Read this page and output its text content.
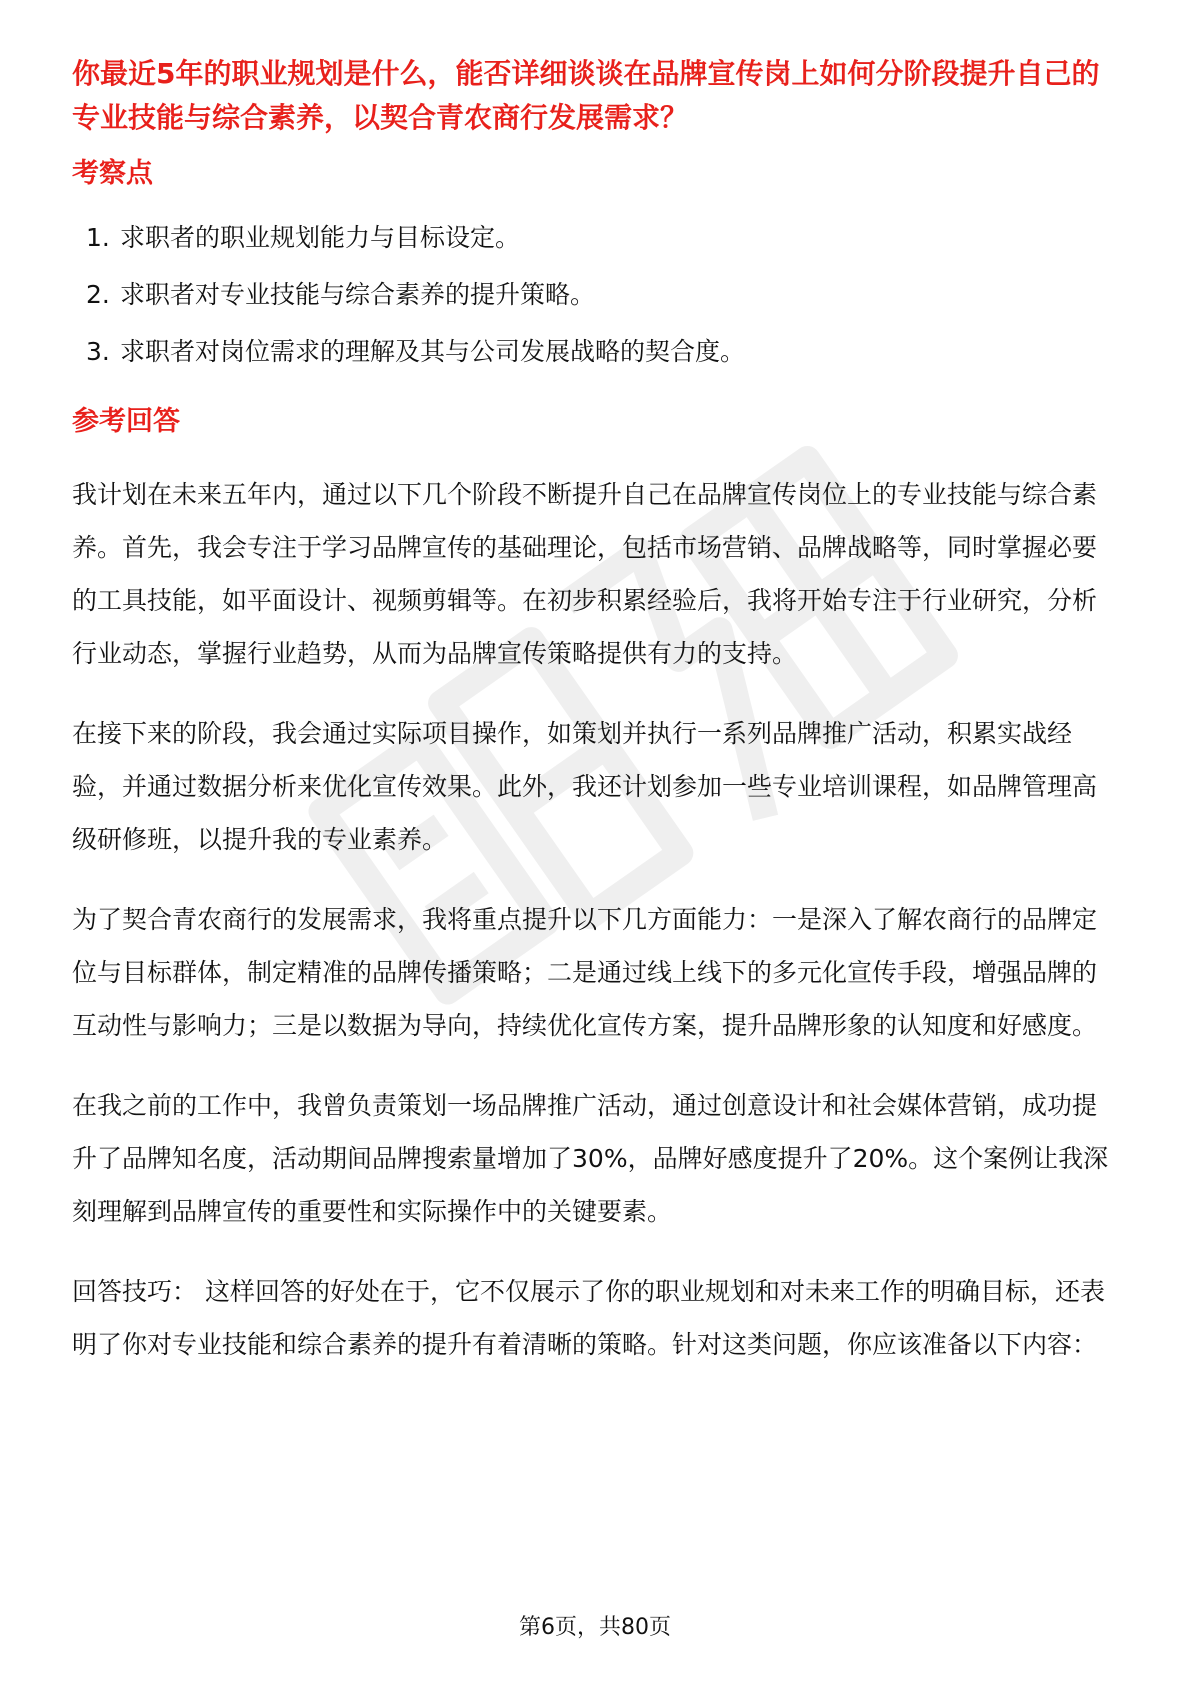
你最近5年的职业规划是什么，能否详细谈谈在品牌宣传岗上如何分阶段提升自己的专业技能与综合素养，以契合青农商行发展需求？

考察点

1. 求职者的职业规划能力与目标设定。
2. 求职者对专业技能与综合素养的提升策略。
3. 求职者对岗位需求的理解及其与公司发展战略的契合度。

参考回答

我计划在未来五年内，通过以下几个阶段不断提升自己在品牌宣传岗位上的专业技能与综合素养。首先，我会专注于学习品牌宣传的基础理论，包括市场营销、品牌战略等，同时掌握必要的工具技能，如平面设计、视频剪辑等。在初步积累经验后，我将开始专注于行业研究，分析行业动态，掌握行业趋势，从而为品牌宣传策略提供有力的支持。

在接下来的阶段，我会通过实际项目操作，如策划并执行一系列品牌推广活动，积累实战经验，并通过数据分析来优化宣传效果。此外，我还计划参加一些专业培训课程，如品牌管理高级研修班，以提升我的专业素养。

为了契合青农商行的发展需求，我将重点提升以下几方面能力：一是深入了解农商行的品牌定位与目标群体，制定精准的品牌传播策略；二是通过线上线下的多元化宣传手段，增强品牌的互动性与影响力；三是以数据为导向，持续优化宣传方案，提升品牌形象的认知度和好感度。

在我之前的工作中，我曾负责策划一场品牌推广活动，通过创意设计和社会媒体营销，成功提升了品牌知名度，活动期间品牌搜索量增加了30%，品牌好感度提升了20%。这个案例让我深刻理解到品牌宣传的重要性和实际操作中的关键要素。

回答技巧： 这样回答的好处在于，它不仅展示了你的职业规划和对未来工作的明确目标，还表明了你对专业技能和综合素养的提升有着清晰的策略。针对这类问题，你应该准备以下内容：

第6页，共80页
